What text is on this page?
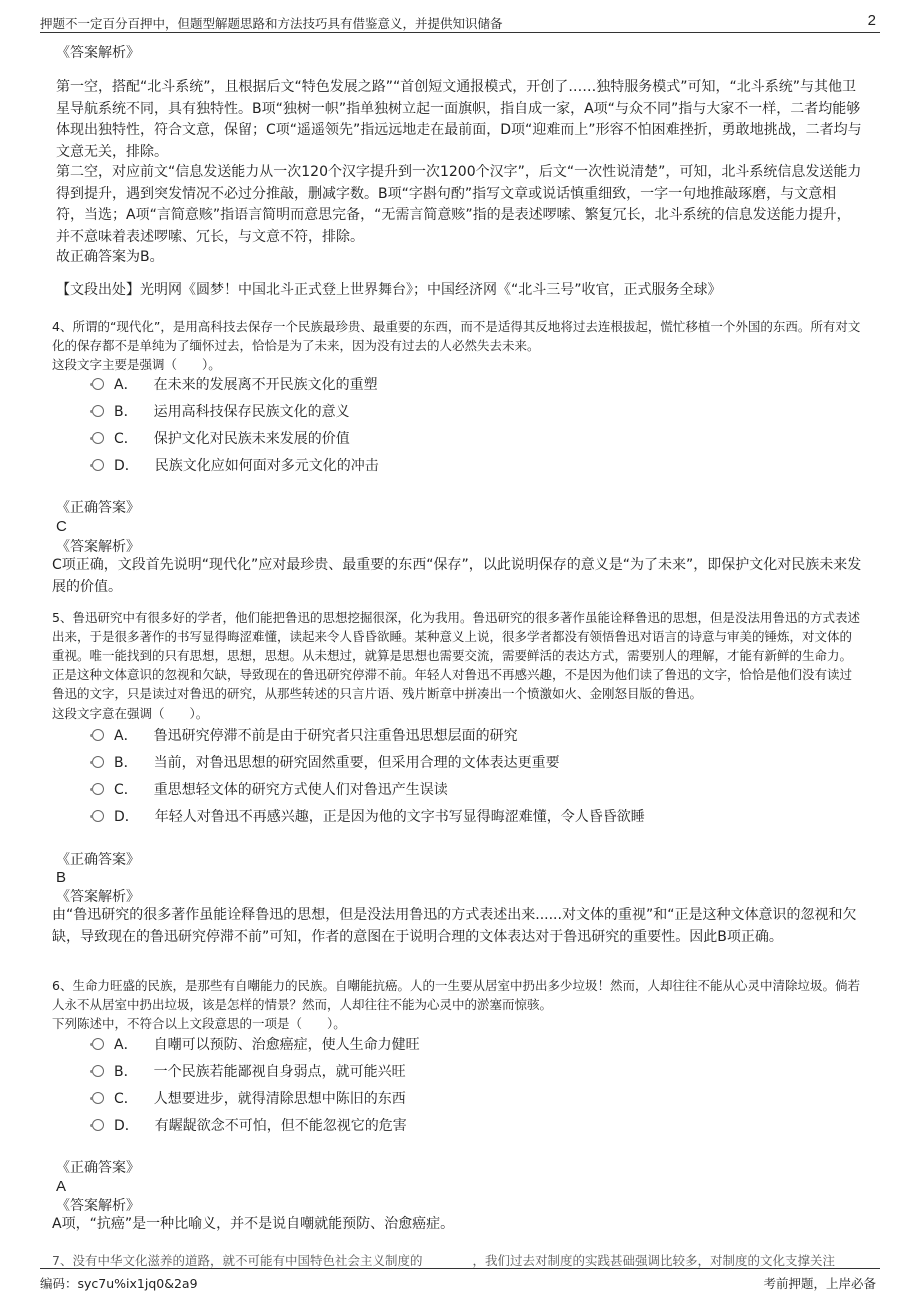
押题不一定百分百押中，但题型解题思路和方法技巧具有借鉴意义，并提供知识储备	2
《答案解析》
第一空，搭配“北斗系统”，且根据后文“特色发展之路”“首创短文通报模式，开创了……独特服务模式”可知，“北斗系统”与其他卫星导航系统不同，具有独特性。B项“独树一帜”指单独树立起一面旗帜，指自成一家，A项“与众不同”指与大家不一样，二者均能够体现出独特性，符合文意，保留；C项“遥遥领先”指远远地走在最前面，D项“迎难而上”形容不怕困难挫折，勇敢地挑战，二者均与文意无关，排除。
第二空，对应前文“信息发送能力从一次120个汉字提升到一次1200个汉字”，后文“一次性说清楚”，可知，北斗系统信息发送能力得到提升，遇到突发情况不必过分推敲，删减字数。B项“字斟句酌”指写文章或说话慎重细致，一字一句地推敲琢磨，与文意相符，当选；A项“言简意赅”指语言简明而意思完备，“无需言简意赅”指的是表述啰嗦、繁复冗长，北斗系统的信息发送能力提升，并不意味着表述啰嗦、冗长，与文意不符，排除。
故正确答案为B。
【文段出处】光明网《圆梦！中国北斗正式登上世界舞台》；中国经济网《“北斗三号”收官，正式服务全球》
4、所谓的“现代化”，是用高科技去保存一个民族最珍贵、最重要的东西，而不是适得其反地将过去连根拔起，慌忙移植一个外国的东西。所有对文化的保存都不是单纯为了缅怀过去，恰恰是为了未来，因为没有过去的人必然失去未来。
这段文字主要是强调（　　）。
A． 在未来的发展离不开民族文化的重塑
B． 运用高科技保存民族文化的意义
C． 保护文化对民族未来发展的价值
D． 民族文化应如何面对多元文化的冲击
《正确答案》
C
《答案解析》
C项正确，文段首先说明“现代化”应对最珍贵、最重要的东西“保存”，以此说明保存的意义是“为了未来”，即保护文化对民族未来发展的价值。
5、鲁迅研究中有很多好的学者，他们能把鲁迅的思想挖掘很深，化为我用。鲁迅研究的很多著作虽能诠释鲁迅的思想，但是没法用鲁迅的方式表述出来，于是很多著作的书写显得晦涩难懂，读起来令人昏昏欲睡。某种意义上说，很多学者都没有领悟鲁迅对语言的诗意与审美的锤炼，对文体的重视。唯一能找到的只有思想，思想，思想。从未想过，就算是思想也需要交流，需要鲜活的表达方式，需要别人的理解，才能有新鲜的生命力。正是这种文体意识的忽视和欠缺，导致现在的鲁迅研究停滞不前。年轻人对鲁迅不再感兴趣，不是因为他们读了鲁迅的文字，恰恰是他们没有读过鲁迅的文字，只是读过对鲁迅的研究，从那些转述的只言片语、残片断章中拼凑出一个愤激如火、金刚怒目版的鲁迅。
这段文字意在强调（　　）。
A． 鲁迅研究停滞不前是由于研究者只注重鲁迅思想层面的研究
B． 当前，对鲁迅思想的研究固然重要，但采用合理的文体表达更重要
C． 重思想轻文体的研究方式使人们对鲁迅产生误读
D． 年轻人对鲁迅不再感兴趣，正是因为他的文字书写显得晦涩难懂，令人昏昏欲睡
《正确答案》
B
《答案解析》
由“鲁迅研究的很多著作虽能诠释鲁迅的思想，但是没法用鲁迅的方式表述出来......对文体的重视”和“正是这种文体意识的忽视和欠缺，导致现在的鲁迅研究停滞不前”可知，作者的意图在于说明合理的文体表达对于鲁迅研究的重要性。因此B项正确。
6、生命力旺盛的民族，是那些有自嘲能力的民族。自嘲能抗癌。人的一生要从居室中扔出多少垃圾！然而，人却往往不能从心灵中清除垃圾。倘若人永不从居室中扔出垃圾，该是怎样的情景？然而，人却往往不能为心灵中的淤塞而惊骇。
下列陈述中，不符合以上文段意思的一项是（　　）。
A． 自嘲可以预防、治愈癌症，使人生命力健旺
B． 一个民族若能鄙视自身弱点，就可能兴旺
C． 人想要进步，就得清除思想中陈旧的东西
D． 有龌龊欲念不可怕，但不能忽视它的危害
《正确答案》
A
《答案解析》
A项，“抗癌”是一种比喻义，并不是说自嘲就能预防、治愈癌症。
7、没有中华文化滋养的道路，就不可能有中国特色社会主义制度的　　　　，我们过去对制度的实践甚础强调比较多，对制度的文化支撑关注
编码：syc7u%ix1jq0&2a9	考前押题，上岸必备
